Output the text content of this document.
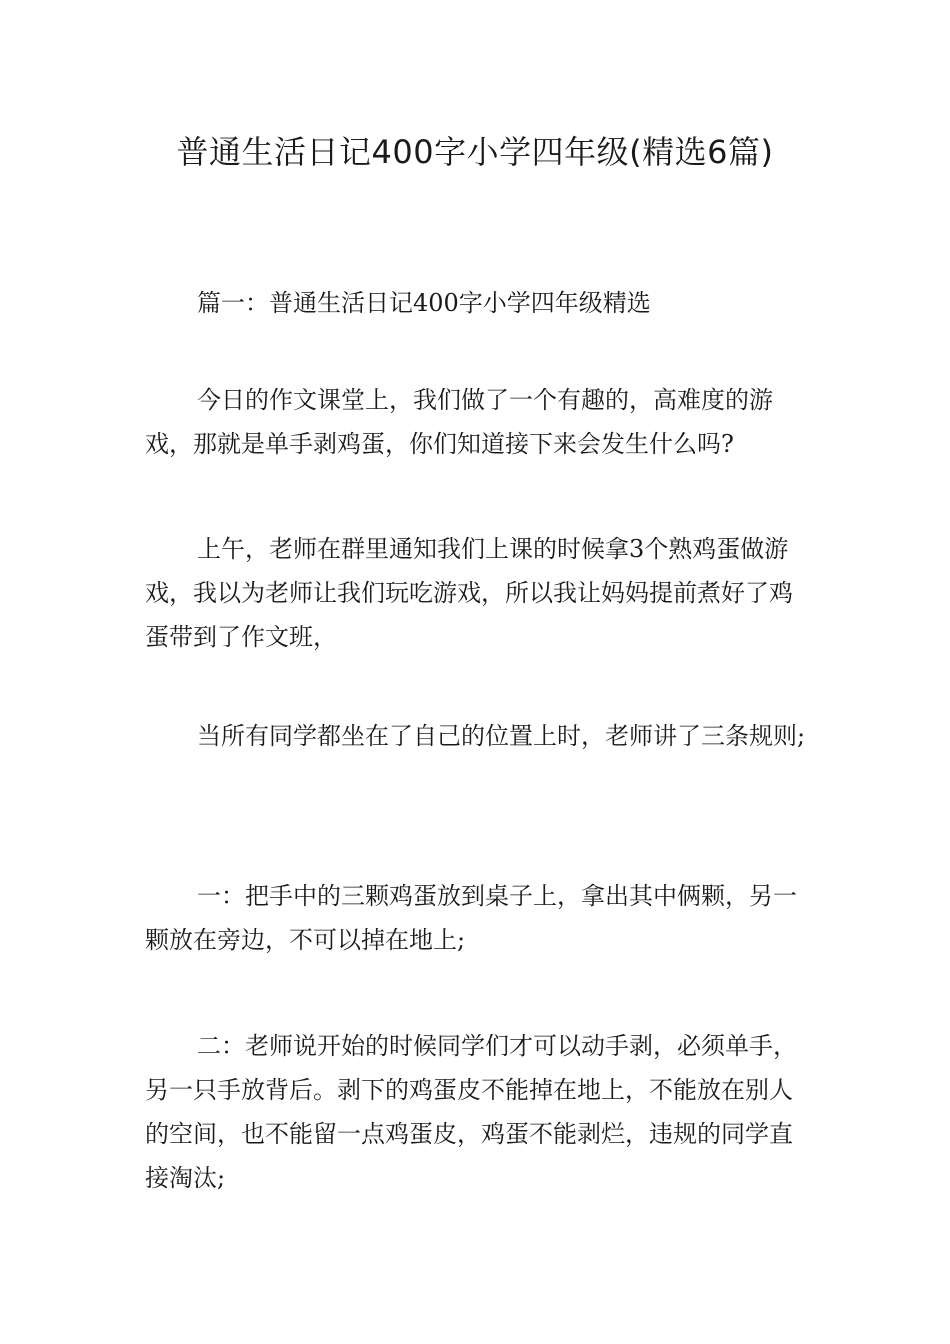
普通生活日记400字小学四年级(精选6篇)

篇一：普通生活日记400字小学四年级精选

今日的作文课堂上，我们做了一个有趣的，高难度的游戏，那就是单手剥鸡蛋，你们知道接下来会发生什么吗?

上午，老师在群里通知我们上课的时候拿3个熟鸡蛋做游戏，我以为老师让我们玩吃游戏，所以我让妈妈提前煮好了鸡蛋带到了作文班，

当所有同学都坐在了自己的位置上时，老师讲了三条规则;

一：把手中的三颗鸡蛋放到桌子上，拿出其中俩颗，另一颗放在旁边，不可以掉在地上;

二：老师说开始的时候同学们才可以动手剥，必须单手，另一只手放背后。剥下的鸡蛋皮不能掉在地上，不能放在别人的空间，也不能留一点鸡蛋皮，鸡蛋不能剥烂，违规的同学直接淘汰;
